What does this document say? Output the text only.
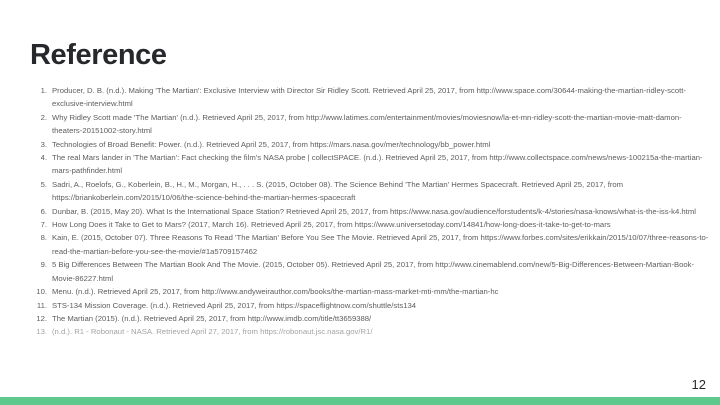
Reference
1. Producer, D. B. (n.d.). Making 'The Martian': Exclusive Interview with Director Sir Ridley Scott. Retrieved April 25, 2017, from http://www.space.com/30644-making-the-martian-ridley-scott-exclusive-interview.html
2. Why Ridley Scott made 'The Martian' (n.d.). Retrieved April 25, 2017, from http://www.latimes.com/entertainment/movies/moviesnow/la-et-mn-ridley-scott-the-martian-movie-matt-damon-theaters-20151002-story.html
3. Technologies of Broad Benefit: Power. (n.d.). Retrieved April 25, 2017, from https://mars.nasa.gov/mer/technology/bb_power.html
4. The real Mars lander in 'The Martian': Fact checking the film's NASA probe | collectSPACE. (n.d.). Retrieved April 25, 2017, from http://www.collectspace.com/news/news-100215a-the-martian-mars-pathfinder.html
5. Sadri, A., Roelofs, G., Koberlein, B., H., M., Morgan, H., . . . S. (2015, October 08). The Science Behind 'The Martian' Hermes Spacecraft. Retrieved April 25, 2017, from https://briankoberlein.com/2015/10/06/the-science-behind-the-martian-hermes-spacecraft
6. Dunbar, B. (2015, May 20). What Is the International Space Station? Retrieved April 25, 2017, from https://www.nasa.gov/audience/forstudents/k-4/stories/nasa-knows/what-is-the-iss-k4.html
7. How Long Does it Take to Get to Mars? (2017, March 16). Retrieved April 25, 2017, from https://www.universetoday.com/14841/how-long-does-it-take-to-get-to-mars
8. Kain, E. (2015, October 07). Three Reasons To Read 'The Martian' Before You See The Movie. Retrieved April 25, 2017, from https://www.forbes.com/sites/erikkain/2015/10/07/three-reasons-to-read-the-martian-before-you-see-the-movie/#1a5709157462
9. 5 Big Differences Between The Martian Book And The Movie. (2015, October 05). Retrieved April 25, 2017, from http://www.cinemablend.com/new/5-Big-Differences-Between-Martian-Book-Movie-86227.html
10. Menu. (n.d.). Retrieved April 25, 2017, from http://www.andyweirauthor.com/books/the-martian-mass-market-mti-mm/the-martian-hc
11. STS-134 Mission Coverage. (n.d.). Retrieved April 25, 2017, from https://spaceflightnow.com/shuttle/sts134
12. The Martian (2015). (n.d.). Retrieved April 25, 2017, from http://www.imdb.com/title/tt3659388/
13. (n.d.). R1 - Robonaut - NASA. Retrieved April 27, 2017, from https://robonaut.jsc.nasa.gov/R1/
12
